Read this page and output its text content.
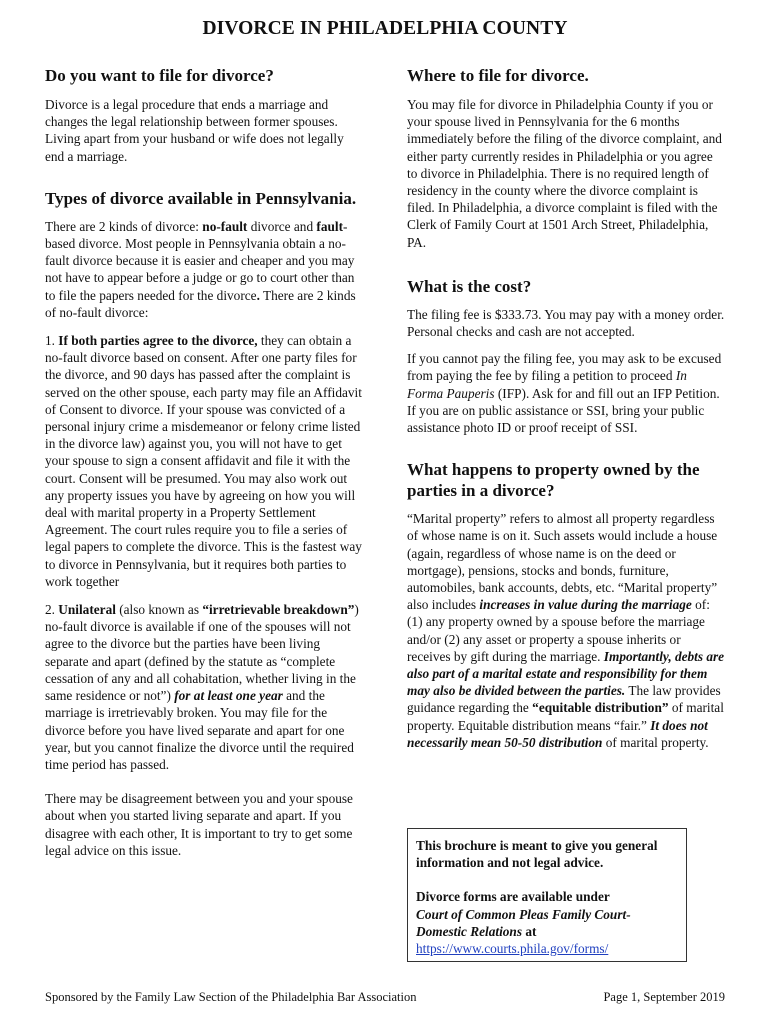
DIVORCE IN PHILADELPHIA COUNTY
Do you want to file for divorce?

Divorce is a legal procedure that ends a marriage and changes the legal relationship between former spouses. Living apart from your husband or wife does not legally end a marriage.

Types of divorce available in Pennsylvania.

There are 2 kinds of divorce: no-fault divorce and fault-based divorce. Most people in Pennsylvania obtain a no-fault divorce because it is easier and cheaper and you may not have to appear before a judge or go to court other than to file the papers needed for the divorce. There are 2 kinds of no-fault divorce:

1. If both parties agree to the divorce, they can obtain a no-fault divorce based on consent. After one party files for the divorce, and 90 days has passed after the complaint is served on the other spouse, each party may file an Affidavit of Consent to divorce. If your spouse was convicted of a personal injury crime a misdemeanor or felony crime listed in the divorce law) against you, you will not have to get your spouse to sign a consent affidavit and file it with the court. Consent will be presumed. You may also work out any property issues you have by agreeing on how you will deal with marital property in a Property Settlement Agreement. The court rules require you to file a series of legal papers to complete the divorce. This is the fastest way to divorce in Pennsylvania, but it requires both parties to work together

2. Unilateral (also known as “irretrievable breakdown”) no-fault divorce is available if one of the spouses will not agree to the divorce but the parties have been living separate and apart (defined by the statute as “complete cessation of any and all cohabitation, whether living in the same residence or not”) for at least one year and the marriage is irretrievably broken. You may file for the divorce before you have lived separate and apart for one year, but you cannot finalize the divorce until the required time period has passed.

There may be disagreement between you and your spouse about when you started living separate and apart. If you disagree with each other, It is important to try to get some legal advice on this issue.

Where to file for divorce.

You may file for divorce in Philadelphia County if you or your spouse lived in Pennsylvania for the 6 months immediately before the filing of the divorce complaint, and either party currently resides in Philadelphia or you agree to divorce in Philadelphia. There is no required length of residency in the county where the divorce complaint is filed. In Philadelphia, a divorce complaint is filed with the Clerk of Family Court at 1501 Arch Street, Philadelphia, PA.

What is the cost?

The filing fee is $333.73. You may pay with a money order. Personal checks and cash are not accepted.

If you cannot pay the filing fee, you may ask to be excused from paying the fee by filing a petition to proceed In Forma Pauperis (IFP). Ask for and fill out an IFP Petition. If you are on public assistance or SSI, bring your public assistance photo ID or proof receipt of SSI.

What happens to property owned by the parties in a divorce?

“Marital property” refers to almost all property regardless of whose name is on it. Such assets would include a house (again, regardless of whose name is on the deed or mortgage), pensions, stocks and bonds, furniture, automobiles, bank accounts, debts, etc. “Marital property” also includes increases in value during the marriage of: (1) any property owned by a spouse before the marriage and/or (2) any asset or property a spouse inherits or receives by gift during the marriage. Importantly, debts are also part of a marital estate and responsibility for them may also be divided between the parties. The law provides guidance regarding the “equitable distribution” of marital property. Equitable distribution means “fair.” It does not necessarily mean 50-50 distribution of marital property.

This brochure is meant to give you general information and not legal advice.

Divorce forms are available under

Court of Common Pleas Family Court-Domestic Relations at

https://www.courts.phila.gov/forms/

Sponsored by the Family Law Section of the Philadelphia Bar Association	Page 1, September 2019
